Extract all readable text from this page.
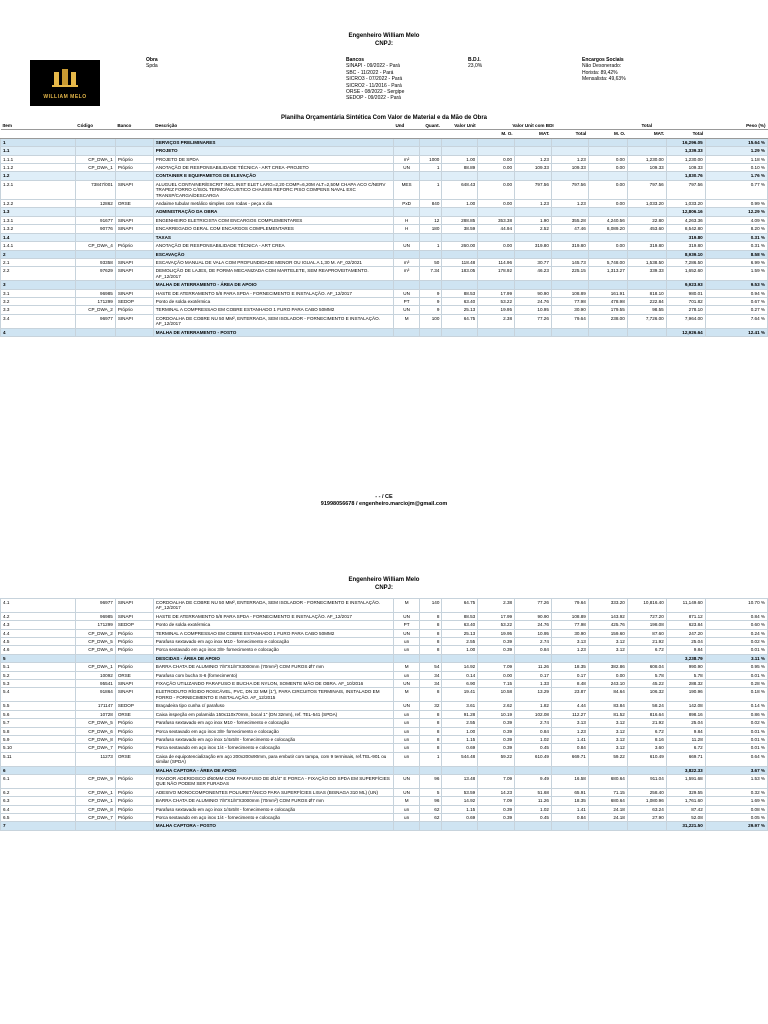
Engenheiro William Melo
CNPJ:
WILLIAM MELO
Obra
Spda
Bancos
SINAPI - 09/2022 - Pará
SBC - 11/2022 - Pará
SICRO3 - 07/2022 - Pará
SICRO2 - 11/2016 - Pará
ORSE - 08/2022 - Sergipe
SEDOP - 09/2022 - Pará
B.D.I.
23,0%
Encargos Sociais
Não Desonerado:
Horista: 89,42%
Mensalista: 49,63%
Planilha Orçamentária Sintética Com Valor de Material e da Mão de Obra
Item	Código	Banco	Descrição	Und	Quant.	Valor Unit	Valor Unit com BDI			Total			Peso (%)
							M. O.	MAT.	Total	M. O.	MAT.	Total	
1			SERVIÇOS PRELIMINARES									16,296.05	15.64 %
1.1			PROJETO									1,339.33	1.29 %
1.1.1	CP_DWA_1	Próprio	PROJETO DE SPDA	m²	1000	1.00	0.00	1.23	1.23	0.00	1,230.00	1,230.00	1.18 %
1.1.2	CP_DWA_1	Próprio	ANOTAÇÃO DE RESPONSABILIDADE TÉCNICA - ART CREA -PROJETO	UN	1	88.89	0.00	109.33	109.33	0.00	109.33	109.33	0.10 %
1.2			CONTAINER E EQUIPAMETOS DE ELEVAÇÃO									1,830.76	1.76 %
1.2.1	73847/001	SINAPI	ALUGUEL CONTAINER/ESCRIT INCL INST ELET LARG=2,20 COMP=6,20M ALT=2,50M CHAPA ACO C/NERV TRAPEZ FORRO C/ISOL TERMO/ACUSTICO CHASSIS REFORC PISO COMPENS NAVAL EXC TRANSP/CARGA/DESCARGA	MES	1	648.43	0.00	797.56	797.56	0.00	797.56	797.56	0.77 %
1.2.2	12862	ORSE	Andaime tubular metálico simples com rodas - peça x dia	PxD	840	1.00	0.00	1.23	1.23	0.00	1,033.20	1,033.20	0.99 %
1.3			ADMINISTRAÇÃO DA OBRA									12,806.16	12.29 %
1.3.1	91677	SINAPI	ENGENHEIRO ELETRICISTA COM ENCARGOS COMPLEMENTARES	H	12	288.85	353.38	1.90	355.28	4,240.56	22.80	4,263.36	4.09 %
1.3.2	90776	SINAPI	ENCARREGADO GERAL COM ENCARGOS COMPLEMENTARES	H	180	38.59	44.94	2.52	47.46	8,089.20	453.60	8,542.80	8.20 %
1.4			TAXAS									319.80	0.31 %
1.4.1	CP_DWA_4	Próprio	ANOTAÇÃO DE RESPONSABILIDADE TÉCNICA - ART CREA	UN	1	260.00	0.00	319.80	319.80	0.00	319.80	319.80	0.31 %
2			ESCAVAÇÃO									8,939.10	8.58 %
2.1	93358	SINAPI	ESCAVAÇÃO MANUAL DE VALA COM PROFUNDIDADE MENOR OU IGUAL A 1,30 M. AF_02/2021	m³	50	118.48	114.96	30.77	145.73	5,748.00	1,538.50	7,286.50	6.99 %
2.2	97629	SINAPI	DEMOLIÇÃO DE LAJES, DE FORMA MECANIZADA COM MARTELETE, SEM REAPROVEITAMENTO. AF_12/2017	m³	7.34	183.05	178.92	46.23	225.15	1,313.27	339.33	1,652.60	1.59 %
3			MALHA DE ATERRAMENTO - ÁREA DE APOIO									9,923.93	9.53 %
3.1	96985	SINAPI	HASTE DE ATERRAMENTO 5/8 PARA SPDA - FORNECIMENTO E INSTALAÇÃO. AF_12/2017	UN	9	88.53	17.99	90.90	108.89	161.91	818.10	980.01	0.94 %
3.2	171299	SEDOP	Ponto de solda exotérmica	PT	9	63.40	53.22	24.76	77.98	478.98	222.84	701.82	0.67 %
3.3	CP_DWA_2	Próprio	TERMINAL A COMPRESSAO EM COBRE ESTANHADO 1 FURO PARA CABO 50MM2	UN	9	25.13	19.95	10.95	30.90	179.55	98.55	278.10	0.27 %
3.4	96977	SINAPI	CORDOALHA DE COBRE NU 50 MM², ENTERRADA, SEM ISOLADOR - FORNECIMENTO E INSTALAÇÃO. AF_12/2017	M	100	64.75	2.38	77.26	79.64	238.00	7,726.00	7,964.00	7.64 %
4			MALHA DE ATERRAMENTO - POSTO									12,926.64	12.41 %
- - / CE
91998056678 / engenheiro.marciojm@gmail.com
Engenheiro William Melo
CNPJ:
4.1	96977	SINAPI	CORDOALHA DE COBRE NU 50 MM², ENTERRADA, SEM ISOLADOR - FORNECIMENTO E INSTALAÇÃO. AF_12/2017	M	140	64.75	2.38	77.26	79.64	333.20	10,816.40	11,149.60	10.70 %
4.2	96985	SINAPI	HASTE DE ATERRAMENTO 5/8 PARA SPDA - FORNECIMENTO E INSTALAÇÃO. AF_12/2017	UN	8	88.53	17.99	90.90	108.89	143.92	727.20	871.12	0.84 %
4.3	171299	SEDOP	Ponto de solda exotérmica	PT	8	63.40	53.22	24.76	77.98	425.76	198.08	623.84	0.60 %
4.4	CP_DWA_2	Próprio	TERMINAL A COMPRESSAO EM COBRE ESTANHADO 1 FURO PARA CABO 50MM2	UN	8	25.13	19.95	10.95	30.90	159.60	87.60	247.20	0.24 %
4.5	CP_DWA_5	Próprio	Parafuso sextavado em aço inox M10 - fornecimento e colocação	un	8	2.55	0.39	2.74	3.13	3.12	21.92	25.04	0.02 %
4.6	CP_DWA_6	Próprio	Porca sextavado em aço inox 3/8- fornecimento e colocação	un	8	1.00	0.39	0.84	1.23	3.12	6.72	9.84	0.01 %
5			DESCIDAS - ÁREA DE APOIO									3,238.79	3.11 %
5.1	CP_DWA_1	Próprio	BARRA CHATA DE ALUMINIO 7/8"X1/8"X3000mm (70mm²) COM FUROS Ø7 mm	M	54	14.92	7.09	11.26	18.35	382.86	608.04	990.90	0.95 %
5.2	10092	ORSE	Parafuso com bucha S-6 (fornecimento)	un	34	0.14	0.00	0.17	0.17	0.00	5.78	5.78	0.01 %
5.3	95541	SINAPI	FIXAÇÃO UTILIZANDO PARAFUSO E BUCHA DE NYLON, SOMENTE MÃO DE OBRA. AF_10/2016	UN	34	6.90	7.15	1.33	8.48	243.10	45.22	288.32	0.28 %
5.4	91864	SINAPI	ELETRODUTO RÍGIDO ROSCÁVEL, PVC, DN 32 MM (1"), PARA CIRCUITOS TERMINAIS, INSTALADO EM FORRO - FORNECIMENTO E INSTALAÇÃO. AF_12/2015	M	8	19.41	10.58	13.29	23.87	84.64	106.32	190.96	0.18 %
5.5	171147	SEDOP	Braçadeira tipo cunha c/ parafuso	UN	32	3.61	2.62	1.82	4.44	83.84	58.24	142.08	0.14 %
5.6	10728	ORSE	Caixa inspeção em polamida 150x110x70mm, bocal 1" (DN 32mm), ref. TEL-541 (SPDA)	un	8	91.28	10.19	102.08	112.27	81.52	816.64	898.16	0.86 %
5.7	CP_DWA_5	Próprio	Parafuso sextavado em aço inox M10 - fornecimento e colocação	un	8	2.55	0.39	2.74	3.13	3.12	21.92	25.04	0.02 %
5.8	CP_DWA_6	Próprio	Porca sextavado em aço inox 3/8- fornecimento e colocação	un	8	1.00	0.39	0.84	1.23	3.12	6.72	9.84	0.01 %
5.9	CP_DWA_8	Próprio	Parafuso sextavado em aço inox 1/4x5/8 - fornecimento e colocação	un	8	1.15	0.39	1.02	1.41	3.12	8.16	11.28	0.01 %
5.10	CP_DWA_7	Próprio	Porca sextavado em aço inox 1/4 - fornecimento e colocação	un	8	0.69	0.39	0.45	0.84	3.12	3.60	6.72	0.01 %
5.11	11273	ORSE	Caixa de equipotencialização em aço 200x200x90mm, para embutir com tampa, com 9 terminais, ref.TEL-901 ou similar (SPDA)	un	1	544.48	59.22	610.49	669.71	59.22	610.49	669.71	0.64 %
6			MALHA CAPTORA - ÁREA DE APOIO									3,822.33	3.67 %
6.1	CP_DWA_9	Próprio	FIXADOR ADERIDISCO Ø60MM COM PARAFUSO DE Ø1/4" E PORCA - FIXAÇÃO DO SPDA EM SUPERFÍCIES QUE NÃO PODEM SER FURADAS	UN	96	13.48	7.09	9.49	16.58	680.64	911.04	1,591.68	1.53 %
6.2	CP_DWA_1	Próprio	ADESIVO MONOCOMPONENTES POLIURETÂNICO PARA SUPERFÍCIES LISAS (BISNAGA 310 ML) (UN)	UN	5	53.59	14.23	51.68	65.91	71.15	258.40	329.55	0.32 %
6.3	CP_DWA_1	Próprio	BARRA CHATA DE ALUMINIO 7/8"X1/8"X3000mm (70mm²) COM FUROS Ø7 mm	M	96	14.92	7.09	11.26	18.35	680.64	1,080.96	1,761.60	1.69 %
6.4	CP_DWA_8	Próprio	Parafuso sextavado em aço inox 1/4x5/8 - fornecimento e colocação	un	62	1.15	0.39	1.02	1.41	24.18	63.24	87.42	0.08 %
6.5	CP_DWA_7	Próprio	Porca sextavado em aço inox 1/4 - fornecimento e colocação	un	62	0.69	0.39	0.45	0.84	24.18	27.90	52.08	0.05 %
7			MALHA CAPTORA - POSTO									31,221.50	29.97 %
